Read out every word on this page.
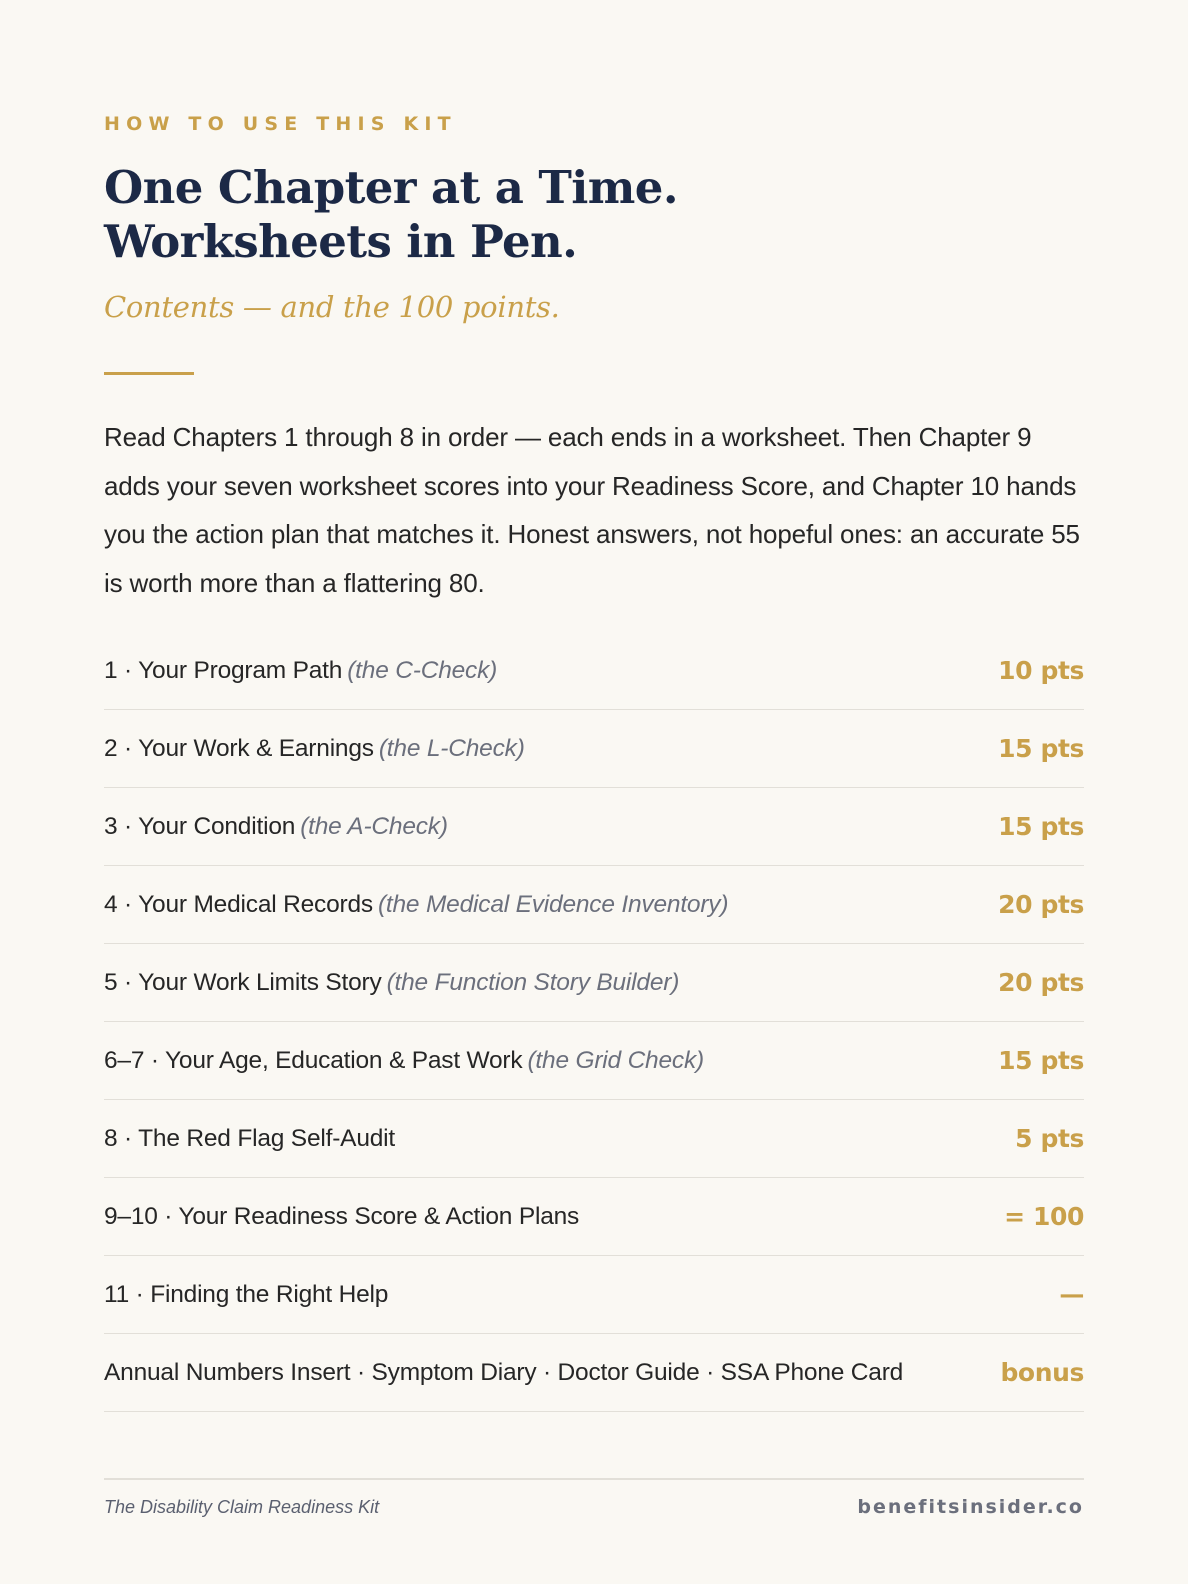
HOW TO USE THIS KIT
One Chapter at a Time.
Worksheets in Pen.
Contents — and the 100 points.

Read Chapters 1 through 8 in order — each ends in a worksheet. Then Chapter 9 adds your seven worksheet scores into your Readiness Score, and Chapter 10 hands you the action plan that matches it. Honest answers, not hopeful ones: an accurate 55 is worth more than a flattering 80.

1 · Your Program Path (the C-Check)	10 pts
2 · Your Work & Earnings (the L-Check)	15 pts
3 · Your Condition (the A-Check)	15 pts
4 · Your Medical Records (the Medical Evidence Inventory)	20 pts
5 · Your Work Limits Story (the Function Story Builder)	20 pts
6–7 · Your Age, Education & Past Work (the Grid Check)	15 pts
8 · The Red Flag Self-Audit	5 pts
9–10 · Your Readiness Score & Action Plans	= 100
11 · Finding the Right Help	—
Annual Numbers Insert · Symptom Diary · Doctor Guide · SSA Phone Card	bonus
The Disability Claim Readiness Kit	benefitsinsider.co
